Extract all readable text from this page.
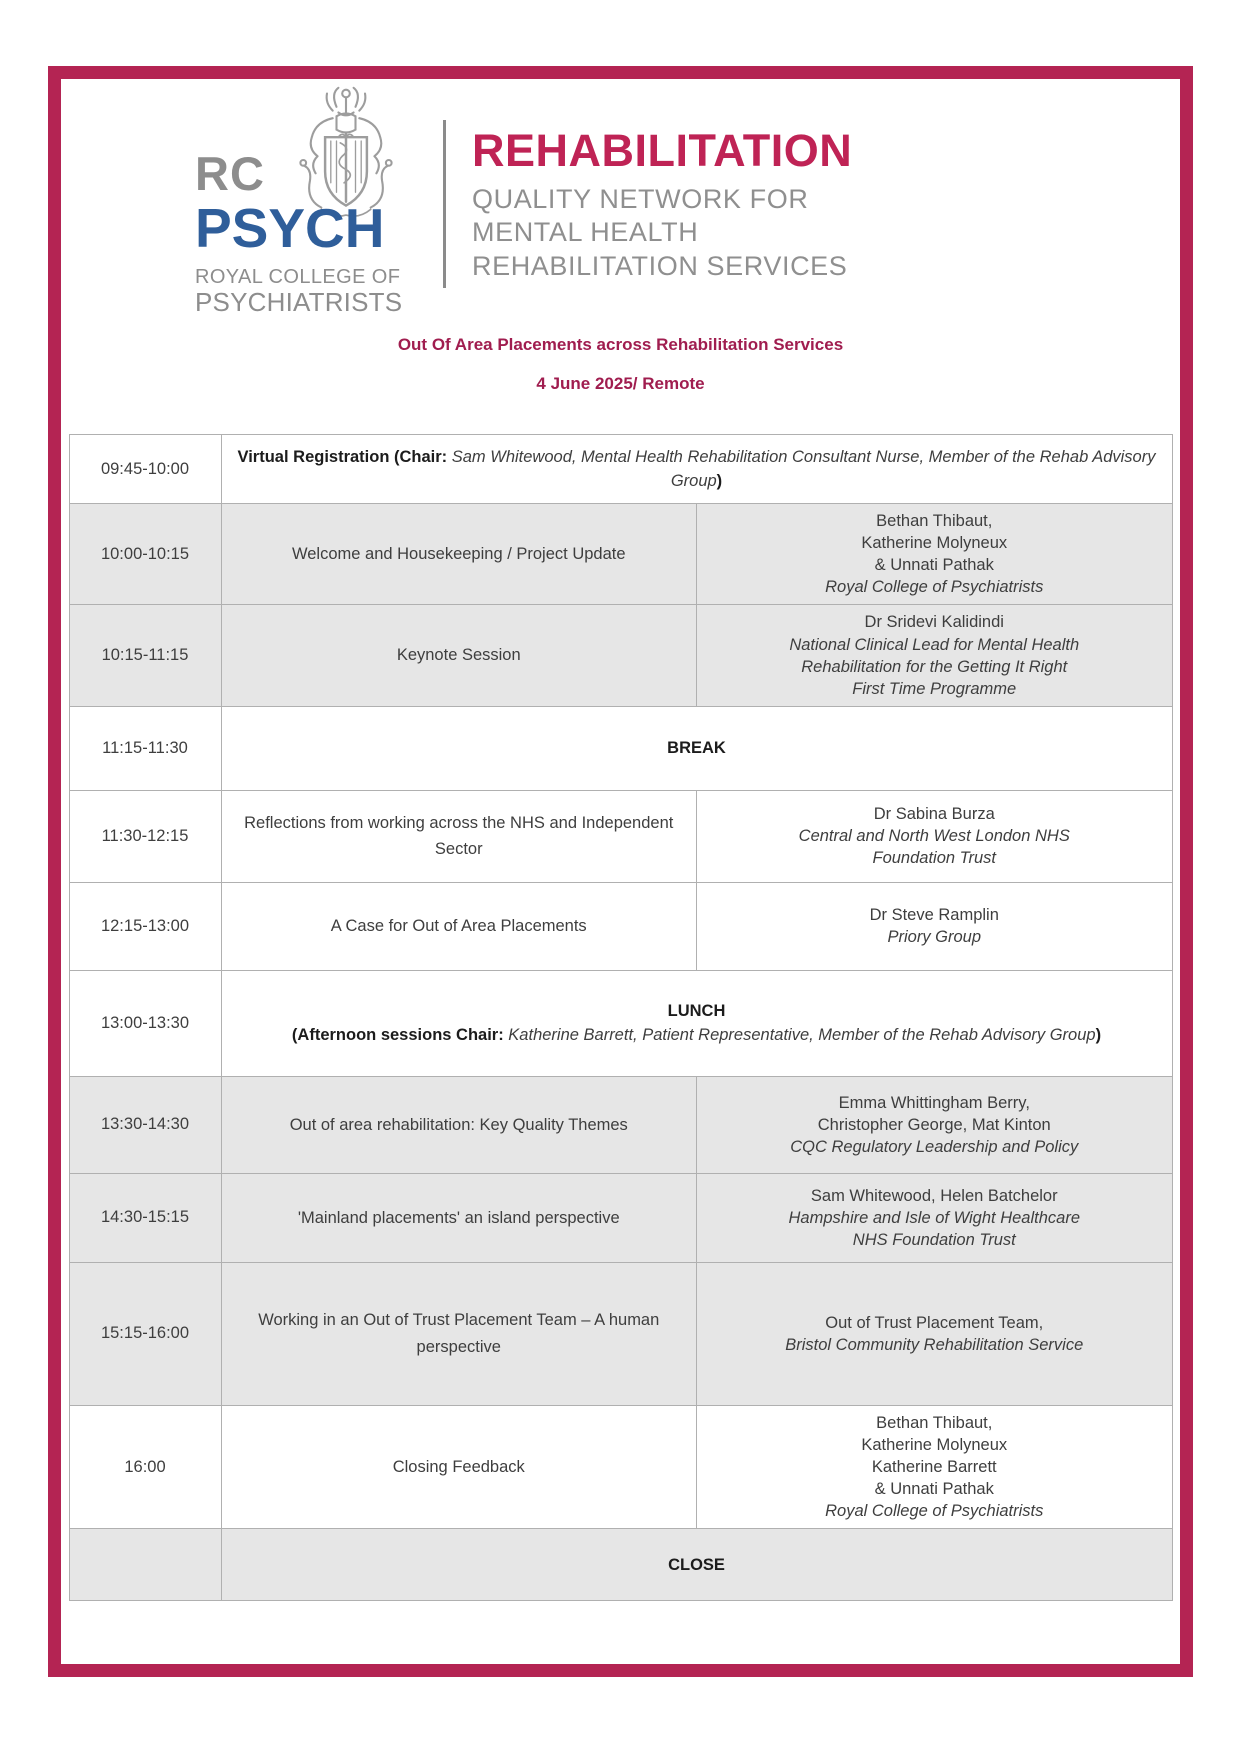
RC
PSYCH
ROYAL COLLEGE OF
PSYCHIATRISTS
REHABILITATION
QUALITY NETWORK FOR
MENTAL HEALTH
REHABILITATION SERVICES
Out Of Area Placements across Rehabilitation Services
4 June 2025/ Remote
09:45-10:00	Virtual Registration (Chair: Sam Whitewood, Mental Health Rehabilitation Consultant Nurse, Member of the Rehab Advisory Group)	

10:00-10:15	Welcome and Housekeeping / Project Update	Bethan Thibaut,
Katherine Molyneux
& Unnati Pathak
Royal College of Psychiatrists

10:15-11:15	Keynote Session	Dr Sridevi Kalidindi
National Clinical Lead for Mental Health
Rehabilitation for the Getting It Right
First Time Programme

11:15-11:30	BREAK	

11:30-12:15	Reflections from working across the NHS and Independent Sector	Dr Sabina Burza
Central and North West London NHS
Foundation Trust

12:15-13:00	A Case for Out of Area Placements	Dr Steve Ramplin
Priory Group

13:00-13:30	LUNCH
(Afternoon sessions Chair: Katherine Barrett, Patient Representative, Member of the Rehab Advisory Group)	

13:30-14:30	Out of area rehabilitation: Key Quality Themes	Emma Whittingham Berry,
Christopher George, Mat Kinton
CQC Regulatory Leadership and Policy

14:30-15:15	'Mainland placements' an island perspective	Sam Whitewood, Helen Batchelor
Hampshire and Isle of Wight Healthcare
NHS Foundation Trust

15:15-16:00	Working in an Out of Trust Placement Team – A human perspective	Out of Trust Placement Team,
Bristol Community Rehabilitation Service

16:00	Closing Feedback	Bethan Thibaut,
Katherine Molyneux
Katherine Barrett
& Unnati Pathak
Royal College of Psychiatrists

	CLOSE	
